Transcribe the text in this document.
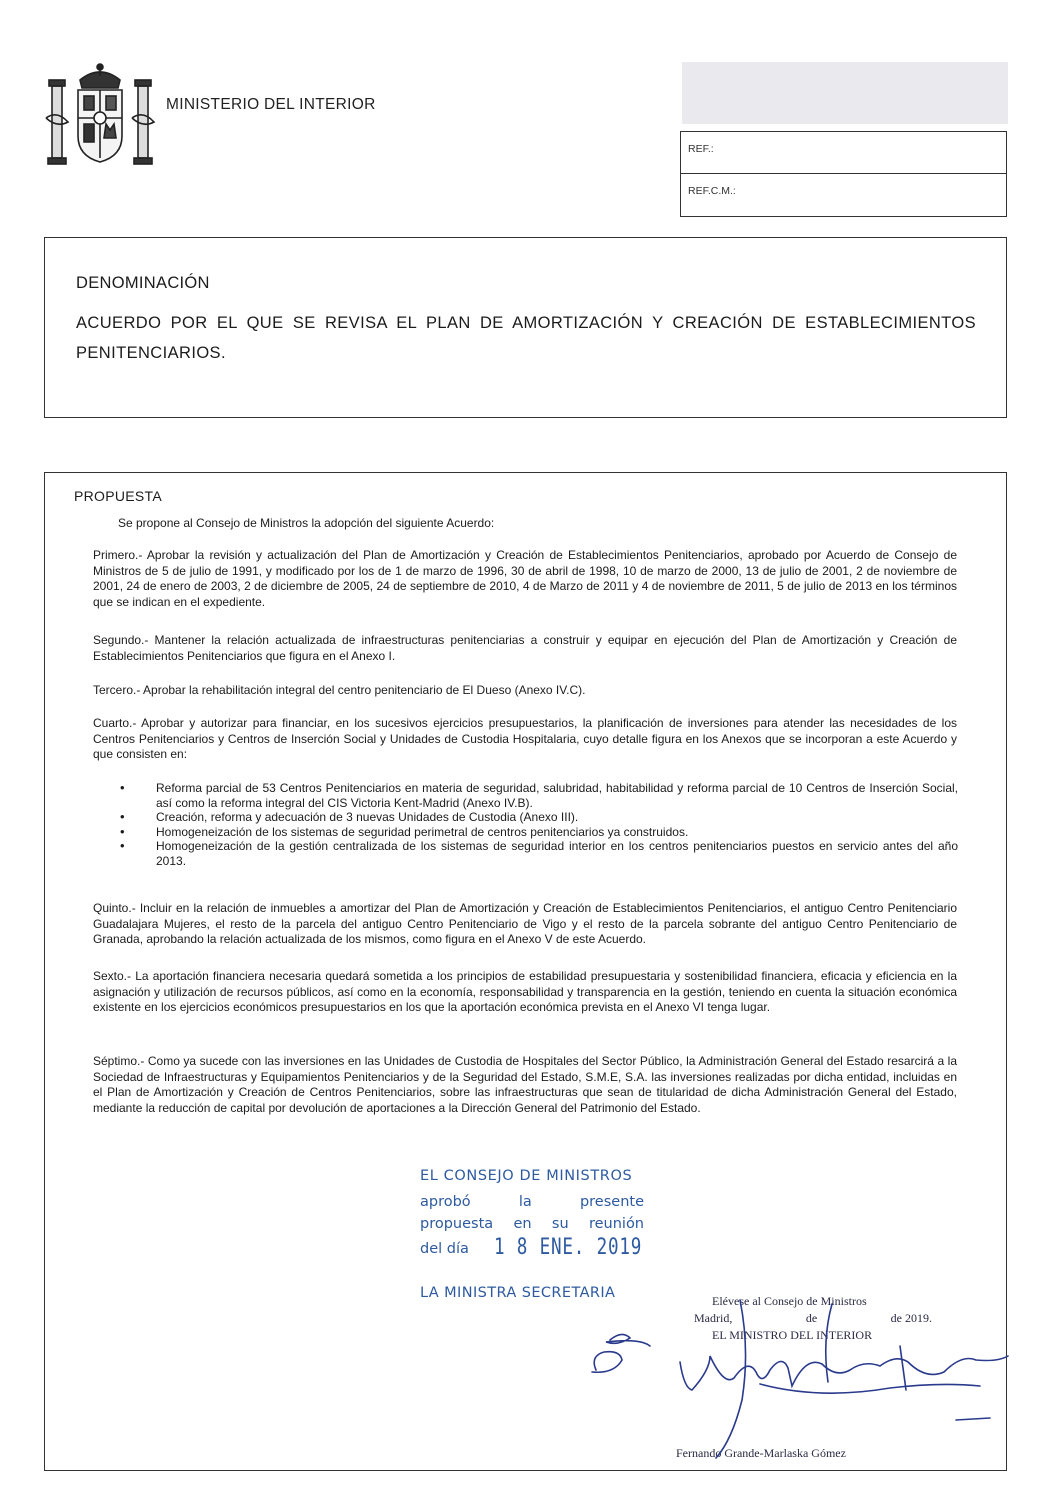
MINISTERIO DEL INTERIOR
REF.:
REF.C.M.:
DENOMINACIÓN
ACUERDO POR EL QUE SE REVISA EL PLAN DE AMORTIZACIÓN Y CREACIÓN DE ESTABLECIMIENTOS PENITENCIARIOS.
PROPUESTA
Se propone al Consejo de Ministros la adopción del siguiente Acuerdo:

Primero.- Aprobar la revisión y actualización del Plan de Amortización y Creación de Establecimientos Penitenciarios, aprobado por Acuerdo de Consejo de Ministros de 5 de julio de 1991, y modificado por los de 1 de marzo de 1996, 30 de abril de 1998, 10 de marzo de 2000, 13 de julio de 2001, 2 de noviembre de 2001, 24 de enero de 2003, 2 de diciembre de 2005, 24 de septiembre de 2010, 4 de Marzo de 2011 y 4 de noviembre de 2011, 5 de julio de 2013 en los términos que se indican en el expediente.

Segundo.- Mantener la relación actualizada de infraestructuras penitenciarias a construir y equipar en ejecución del Plan de Amortización y Creación de Establecimientos Penitenciarios que figura en el Anexo I.

Tercero.- Aprobar la rehabilitación integral del centro penitenciario de El Dueso (Anexo IV.C).

Cuarto.- Aprobar y autorizar para financiar, en los sucesivos ejercicios presupuestarios, la planificación de inversiones para atender las necesidades de los Centros Penitenciarios y Centros de Inserción Social y Unidades de Custodia Hospitalaria, cuyo detalle figura en los Anexos que se incorporan a este Acuerdo y que consisten en:

• Reforma parcial de 53 Centros Penitenciarios en materia de seguridad, salubridad, habitabilidad y reforma parcial de 10 Centros de Inserción Social, así como la reforma integral del CIS Victoria Kent-Madrid (Anexo IV.B).
• Creación, reforma y adecuación de 3 nuevas Unidades de Custodia (Anexo III).
• Homogeneización de los sistemas de seguridad perimetral de centros penitenciarios ya construidos.
• Homogeneización de la gestión centralizada de los sistemas de seguridad interior en los centros penitenciarios puestos en servicio antes del año 2013.

Quinto.- Incluir en la relación de inmuebles a amortizar del Plan de Amortización y Creación de Establecimientos Penitenciarios, el antiguo Centro Penitenciario Guadalajara Mujeres, el resto de la parcela del antiguo Centro Penitenciario de Vigo y el resto de la parcela sobrante del antiguo Centro Penitenciario de Granada, aprobando la relación actualizada de los mismos, como figura en el Anexo V de este Acuerdo.

Sexto.- La aportación financiera necesaria quedará sometida a los principios de estabilidad presupuestaria y sostenibilidad financiera, eficacia y eficiencia en la asignación y utilización de recursos públicos, así como en la economía, responsabilidad y transparencia en la gestión, teniendo en cuenta la situación económica existente en los ejercicios económicos presupuestarios en los que la aportación económica prevista en el Anexo VI tenga lugar.

Séptimo.- Como ya sucede con las inversiones en las Unidades de Custodia de Hospitales del Sector Público, la Administración General del Estado resarcirá a la Sociedad de Infraestructuras y Equipamientos Penitenciarios y de la Seguridad del Estado, S.M.E, S.A. las inversiones realizadas por dicha entidad, incluidas en el Plan de Amortización y Creación de Centros Penitenciarios, sobre las infraestructuras que sean de titularidad de dicha Administración General del Estado, mediante la reducción de capital por devolución de aportaciones a la Dirección General del Patrimonio del Estado.

EL CONSEJO DE MINISTROS
aprobó la presente
propuesta en su reunión
del día 1 8 ENE. 2019
LA MINISTRA SECRETARIA	Elévese al Consejo de Ministros
Madrid,	de	de 2019.
EL MINISTRO DEL INTERIOR
Fernando Grande-Marlaska Gómez
